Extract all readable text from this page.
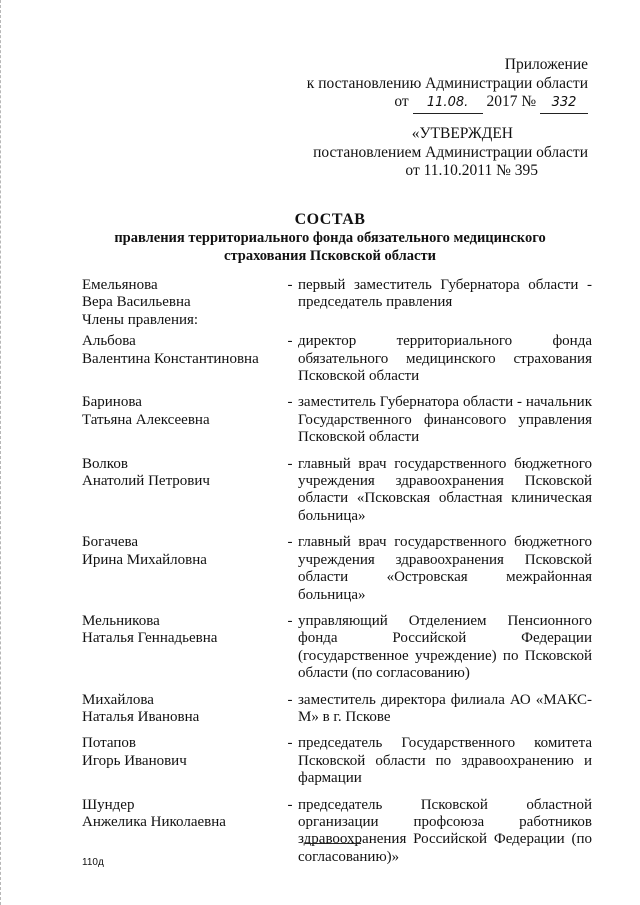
Приложение
к постановлению Администрации области
от 11.08. 2017 № 332
«УТВЕРЖДЕН
постановлением Администрации области
от 11.10.2011 № 395
СОСТАВ
правления территориального фонда обязательного медицинского
страхования Псковской области
Емельянова
Вера Васильевна
- первый заместитель Губернатора области - председатель правления
Члены правления:
Альбова
Валентина Константиновна
- директор территориального фонда обязательного медицинского страхования Псковской области
Баринова
Татьяна Алексеевна
- заместитель Губернатора области - начальник Государственного финансового управления Псковской области
Волков
Анатолий Петрович
- главный врач государственного бюджетного учреждения здравоохранения Псковской области «Псковская областная клиническая больница»
Богачева
Ирина Михайловна
- главный врач государственного бюджетного учреждения здравоохранения Псковской области «Островская межрайонная больница»
Мельникова
Наталья Геннадьевна
- управляющий Отделением Пенсионного фонда Российской Федерации (государственное учреждение) по Псковской области (по согласованию)
Михайлова
Наталья Ивановна
- заместитель директора филиала АО «МАКС-М» в г. Пскове
Потапов
Игорь Иванович
- председатель Государственного комитета Псковской области по здравоохранению и фармации
Шундер
Анжелика Николаевна
- председатель Псковской областной организации профсоюза работников здравоохранения Российской Федерации (по согласованию)»
110д
